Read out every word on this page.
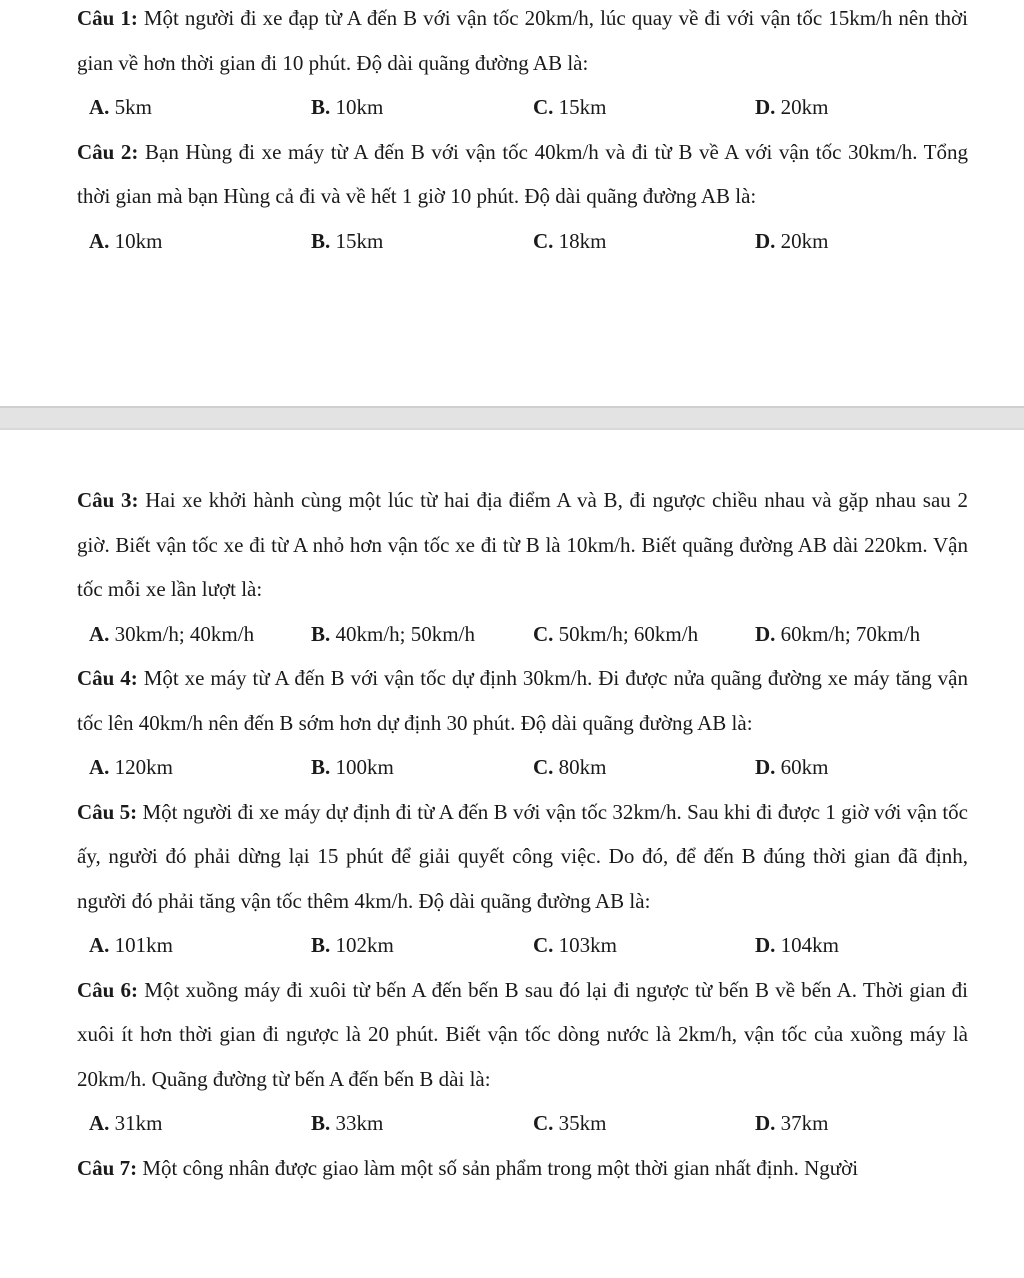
Câu 1: Một người đi xe đạp từ A đến B với vận tốc 20km/h, lúc quay về đi với vận tốc 15km/h nên thời gian về hơn thời gian đi 10 phút. Độ dài quãng đường AB là:

A. 5km	B. 10km	C. 15km	D. 20km

Câu 2: Bạn Hùng đi xe máy từ A đến B với vận tốc 40km/h và đi từ B về A với vận tốc 30km/h. Tổng thời gian mà bạn Hùng cả đi và về hết 1 giờ 10 phút. Độ dài quãng đường AB là:

A. 10km	B. 15km	C. 18km	D. 20km

Câu 3: Hai xe khởi hành cùng một lúc từ hai địa điểm A và B, đi ngược chiều nhau và gặp nhau sau 2 giờ. Biết vận tốc xe đi từ A nhỏ hơn vận tốc xe đi từ B là 10km/h. Biết quãng đường AB dài 220km. Vận tốc mỗi xe lần lượt là:

A. 30km/h; 40km/h	B. 40km/h; 50km/h	C. 50km/h; 60km/h	D. 60km/h; 70km/h

Câu 4: Một xe máy từ A đến B với vận tốc dự định 30km/h. Đi được nửa quãng đường xe máy tăng vận tốc lên 40km/h nên đến B sớm hơn dự định 30 phút. Độ dài quãng đường AB là:

A. 120km	B. 100km	C. 80km	D. 60km

Câu 5: Một người đi xe máy dự định đi từ A đến B với vận tốc 32km/h. Sau khi đi được 1 giờ với vận tốc ấy, người đó phải dừng lại 15 phút để giải quyết công việc. Do đó, để đến B đúng thời gian đã định, người đó phải tăng vận tốc thêm 4km/h. Độ dài quãng đường AB là:

A. 101km	B. 102km	C. 103km	D. 104km

Câu 6: Một xuồng máy đi xuôi từ bến A đến bến B sau đó lại đi ngược từ bến B về bến A. Thời gian đi xuôi ít hơn thời gian đi ngược là 20 phút. Biết vận tốc dòng nước là 2km/h, vận tốc của xuồng máy là 20km/h. Quãng đường từ bến A đến bến B dài là:

A. 31km	B. 33km	C. 35km	D. 37km

Câu 7: Một công nhân được giao làm một số sản phẩm trong một thời gian nhất định. Người
